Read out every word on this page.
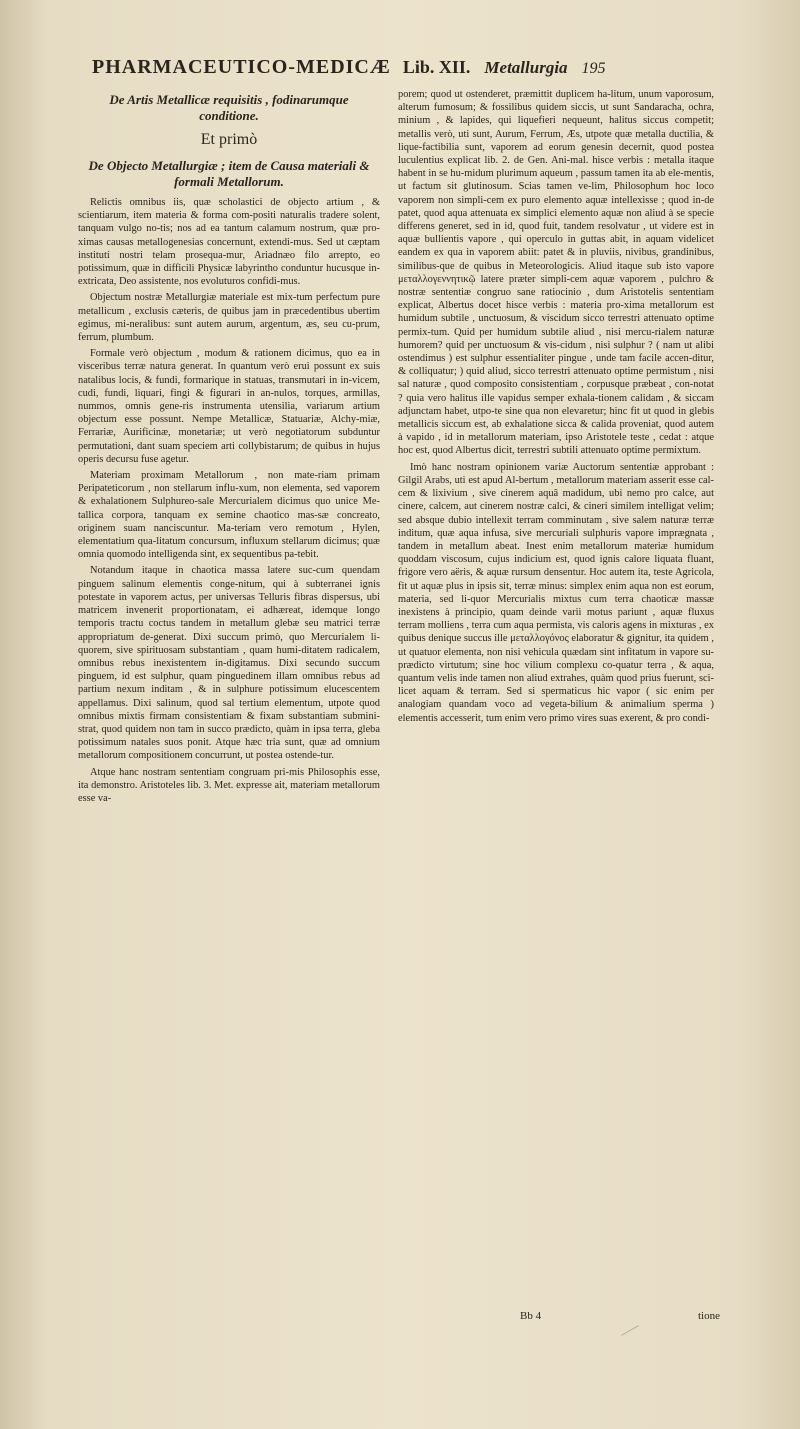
PHARMACEUTICO-MEDICÆ Lib. XII. Metallurgia 195
De Artis Metallicæ requisitis , fodinarumque conditione.
Et primò
De Objecto Metallurgiæ ; item de Causa materiali & formali Metallorum.

Relictis omnibus iis, quæ scholastici de objecto artium , & scientiarum, item materia & forma com-positi naturalis tradere solent, tanquam vulgo no-tis; nos ad ea tantum calamum nostrum, quæ pro-ximas causas metallogenesias concernunt, extendi-mus. Sed ut cæptam institutí nostri telam prosequa-mur, Ariadnæo filo arrepto, eo potissimum, quæ in difficili Physicæ labyrintho conduntur hucusque in-extricata, Deo assistente, nos evoluturos confidi-mus.

Objectum nostræ Metallurgiæ materiale est mix-tum perfectum pure metallicum , exclusis cæteris, de quibus jam in præcedentibus ubertim egimus, mi-neralibus: sunt autem aurum, argentum, æs, seu cu-prum, ferrum, plumbum.

Formale verò objectum , modum & rationem dicimus, quo ea in visceribus terræ natura generat. In quantum verò erui possunt ex suis natalibus locis, & fundi, formarique in statuas, transmutari in in-vicem, cudi, fundi, liquari, fingi & figurari in an-nulos, torques, armillas, nummos, omnis gene-ris instrumenta utensilia, variarum artium objectum esse possunt. Nempe Metallicæ, Statuariæ, Alchy-miæ, Ferrariæ, Aurificinæ, monetariæ; ut verò negotiatorum subduntur permutationi, dant suam speciem arti collybistarum; de quibus in hujus operis decursu fuse agetur.

Materiam proximam Metallorum , non mate-riam primam Peripateticorum , non stellarum influ-xum, non elementa, sed vaporem & exhalationem Sulphureo-sale Mercurialem dicimus quo unice Me-tallica corpora, tanquam ex semine chaotico mas-sæ concreato, originem suam nanciscuntur. Ma-teriam vero remotum , Hylen, elementatium qua-litatum concursum, influxum stellarum dicimus; quæ omnia quomodo intelligenda sint, ex sequentibus pa-tebit.

Notandum itaque in chaotica massa latere suc-cum quendam pinguem salinum elementis conge-nitum, qui à subterranei ignis potestate in vaporem actus, per universas Telluris fibras dispersus, ubi matricem invenerit proportionatam, ei adhæreat, idemque longo temporis tractu coctus tandem in metallum glebæ seu matrici terræ appropriatum de-generat. Dixi succum primò, quo Mercurialem li-quorem, sive spirituosam substantiam , quam humi-ditatem radicalem, omnibus rebus inexistentem in-digitamus. Dixi secundo succum pinguem, id est sulphur, quam pinguedinem illam omnibus rebus ad partium nexum inditam , & in sulphure potissimum elucescentem appellamus. Dixi salinum, quod sal tertium elementum, utpote quod omnibus mixtis firmam consistentiam & fixam substantiam submini-strat, quod quidem non tam in succo prædicto, quàm in ipsa terra, gleba potissimum natales suos ponit. Atque hæc tria sunt, quæ ad omnium metallorum compositionem concurrunt, ut postea ostende-tur.

Atque hanc nostram sententiam congruam pri-mis Philosophis esse, ita demonstro. Aristoteles lib. 3. Met. expresse ait, materiam metallorum esse va-

porem; quod ut ostenderet, præmittit duplicem ha-litum, unum vaporosum, alterum fumosum; & fossilibus quidem siccis, ut sunt Sandaracha, ochra, minium , & lapides, qui liquefieri nequeunt, halitus siccus competit; metallis verò, uti sunt, Aurum, Ferrum, Æs, utpote quæ metalla ductilia, & lique-factibilia sunt, vaporem ad eorum genesin decernit, quod postea luculentius explicat lib. 2. de Gen. Ani-mal. hisce verbis : metalla itaque habent in se hu-midum plurimum aqueum , passum tamen ita ab ele-mentis, ut factum sit glutinosum. Scias tamen ve-lim, Philosophum hoc loco vaporem non simpli-cem ex puro elemento aquæ intellexisse ; quod in-de patet, quod aqua attenuata ex simplici elemento aquæ non aliud à se specie differens generet, sed in id, quod fuit, tandem resolvatur , ut videre est in aquæ bullientis vapore , qui operculo in guttas abit, in aquam videlicet eandem ex qua in vaporem abiit: patet & in pluviis, nivibus, grandinibus, similibus-que de quibus in Meteorologicis. Aliud itaque sub isto vapore μεταλλογεννητικῷ latere præter simpli-cem aquæ vaporem , pulchro & nostræ sententiæ congruo sane ratiocinio , dum Aristotelis sententiam explicat, Albertus docet hisce verbis : materia pro-xima metallorum est humidum subtile , unctuosum, & viscidum sicco terrestri attenuato optime permix-tum. Quid per humidum subtile aliud , nisi mercu-rialem naturæ humorem? quid per unctuosum & vis-cidum , nisi sulphur ? ( nam ut alibi ostendimus ) est sulphur essentialiter pingue , unde tam facile accen-ditur, & colliquatur; ) quid aliud, sicco terrestri attenuato optime permistum , nisi sal naturæ , quod composito consistentiam , corpusque præbeat , con-notat ? quia vero halitus ille vapidus semper exhala-tionem calidam , & siccam adjunctam habet, utpo-te sine qua non elevaretur; hinc fit ut quod in glebis metallicis siccum est, ab exhalatione sicca & calida proveniat, quod autem à vapido , id in metallorum materiam, ipso Aristotele teste , cedat : atque hoc est, quod Albertus dicit, terrestri subtili attenuato optime permixtum.

Imò hanc nostram opinionem variæ Auctorum sententiæ approbant : Gilgil Arabs, uti est apud Al-bertum , metallorum materiam asserit esse cal-cem & lixivium , sive cinerem aquâ madidum, ubi nemo pro calce, aut cinere, calcem, aut cinerem nostræ calci, & cineri similem intelligat velim; sed absque dubio intellexit terram comminutam , sive salem naturæ terræ inditum, quæ aqua infusa, sive mercuriali sulphuris vapore imprægnata , tandem in metallum abeat. Inest enim metallorum materiæ humidum quoddam viscosum, cujus indicium est, quod ignis calore liquata fluant, frigore vero aëris, & aquæ rursum densentur. Hoc autem ita, teste Agricola, fit ut aquæ plus in ipsis sit, terræ minus: simplex enim aqua non est eorum, materia, sed li-quor Mercurialis mixtus cum terra chaoticæ massæ inexistens à principio, quam deinde varii motus pariunt , aquæ fluxus terram molliens , terra cum aqua permista, vis caloris agens in mixturas , ex quibus denique succus ille μεταλλογόνος elaboratur & gignitur, ita quidem , ut quatuor elementa, non nisi vehicula quædam sint infitatum in vapore su-prædicto virtutum; sine hoc vilium complexu co-quatur terra , & aqua, quantum velis inde tamen non aliud extrahes, quàm quod prius fuerunt, sci-licet aquam & terram. Sed si spermaticus hic vapor ( sic enim per analogiam quandam voco ad vegeta-bilium & animalium sperma ) elementis accesserit, tum enim vero primo vires suas exerent, & pro condi-

Bb 4	tione
